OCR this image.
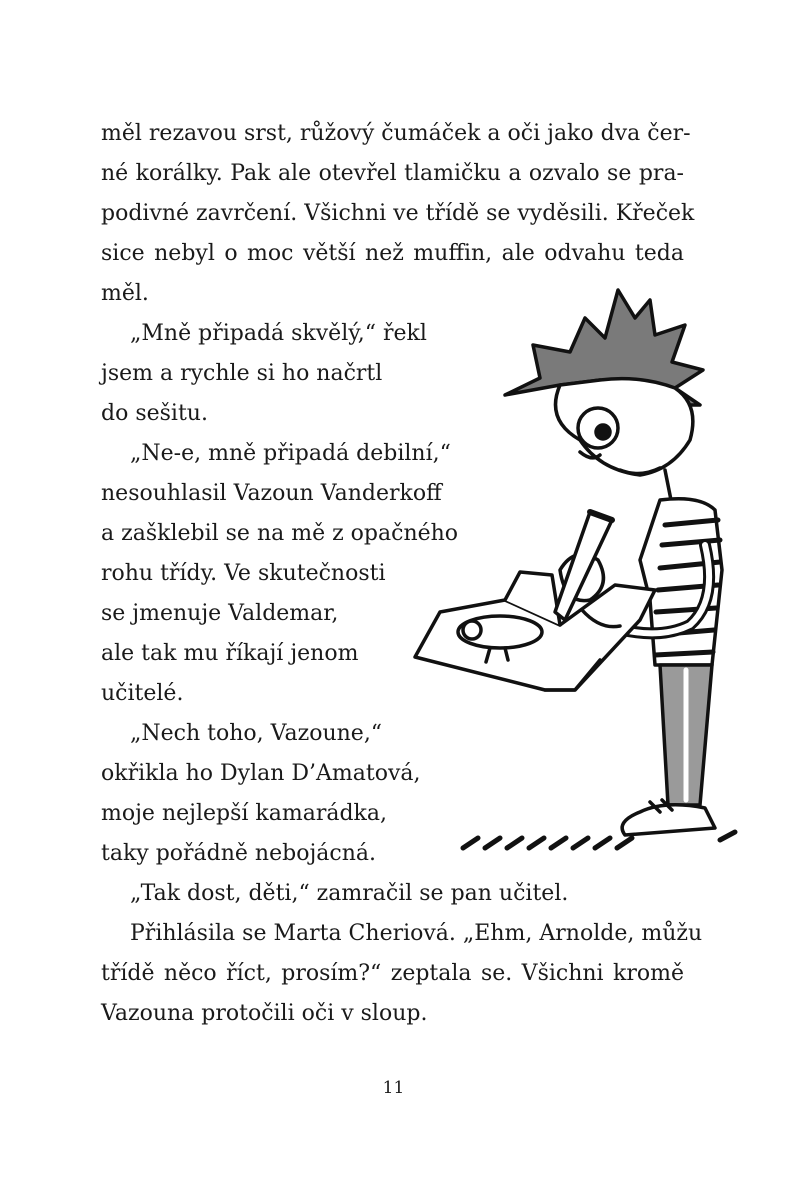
měl rezavou srst, růžový čumáček a oči jako dva čer-
né korálky. Pak ale otevřel tlamičku a ozvalo se pra-
podivné zavrčení. Všichni ve třídě se vyděsili. Křeček
sice nebyl o moc větší než muffin, ale odvahu teda
měl.
„Mně připadá skvělý,“ řekl
jsem a rychle si ho načrtl
do sešitu.
„Ne-e, mně připadá debilní,“
nesouhlasil Vazoun Vanderkoff
a zašklebil se na mě z opačného
rohu třídy. Ve skutečnosti
se jmenuje Valdemar,
ale tak mu říkají jenom
učitelé.
„Nech toho, Vazoune,“
okřikla ho Dylan D’Amatová,
moje nejlepší kamarádka,
taky pořádně nebojácná.
„Tak dost, děti,“ zamračil se pan učitel.
Přihlásila se Marta Cheriová. „Ehm, Arnolde, můžu
třídě něco říct, prosím?“ zeptala se. Všichni kromě
Vazouna protočili oči v sloup.
11
